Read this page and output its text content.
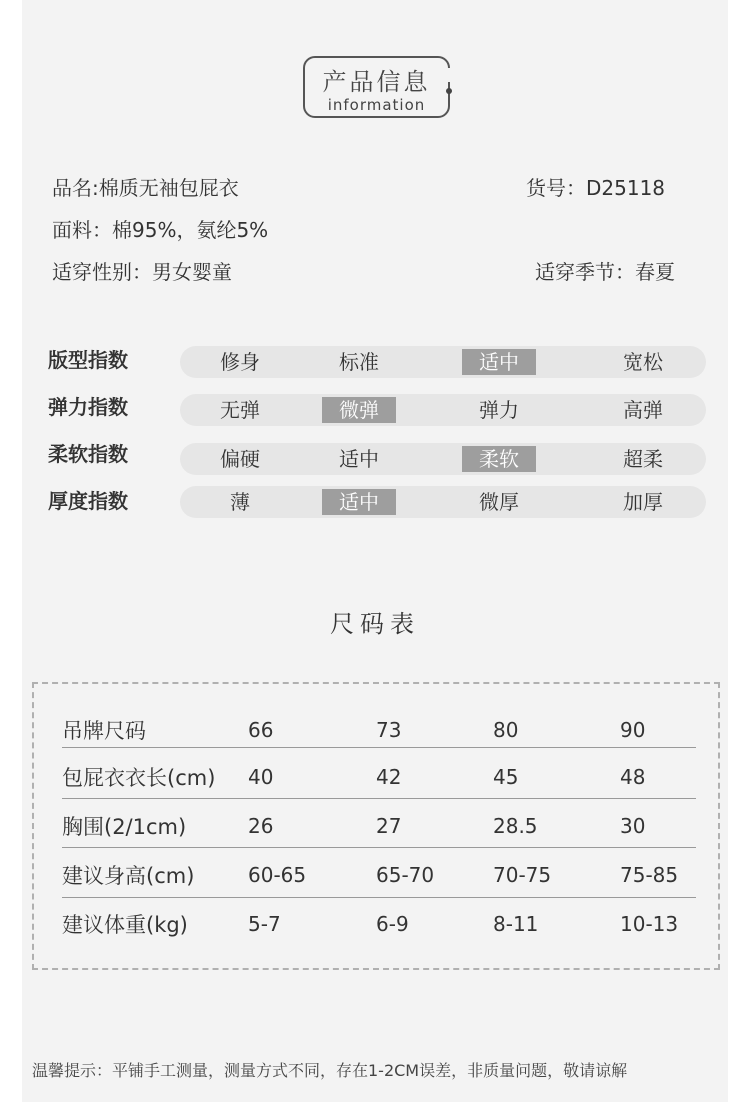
产品信息
information
品名:棉质无袖包屁衣	货号：D25118
面料：棉95%，氨纶5%
适穿性别：男女婴童	适穿季节：春夏
版型指数	修身	标准	适中	宽松
弹力指数	无弹	微弹	弹力	高弹
柔软指数	偏硬	适中	柔软	超柔
厚度指数	薄	适中	微厚	加厚
尺码表
吊牌尺码	66	73	80	90
包屁衣衣长(cm) 40	42	45	48
胸围(2/1cm)	26	27	28.5	30
建议身高(cm)	60-65	65-70	70-75	75-85
建议体重(kg)	5-7	6-9	8-11	10-13
温馨提示：平铺手工测量，测量方式不同，存在1-2CM误差，非质量问题，敬请谅解
